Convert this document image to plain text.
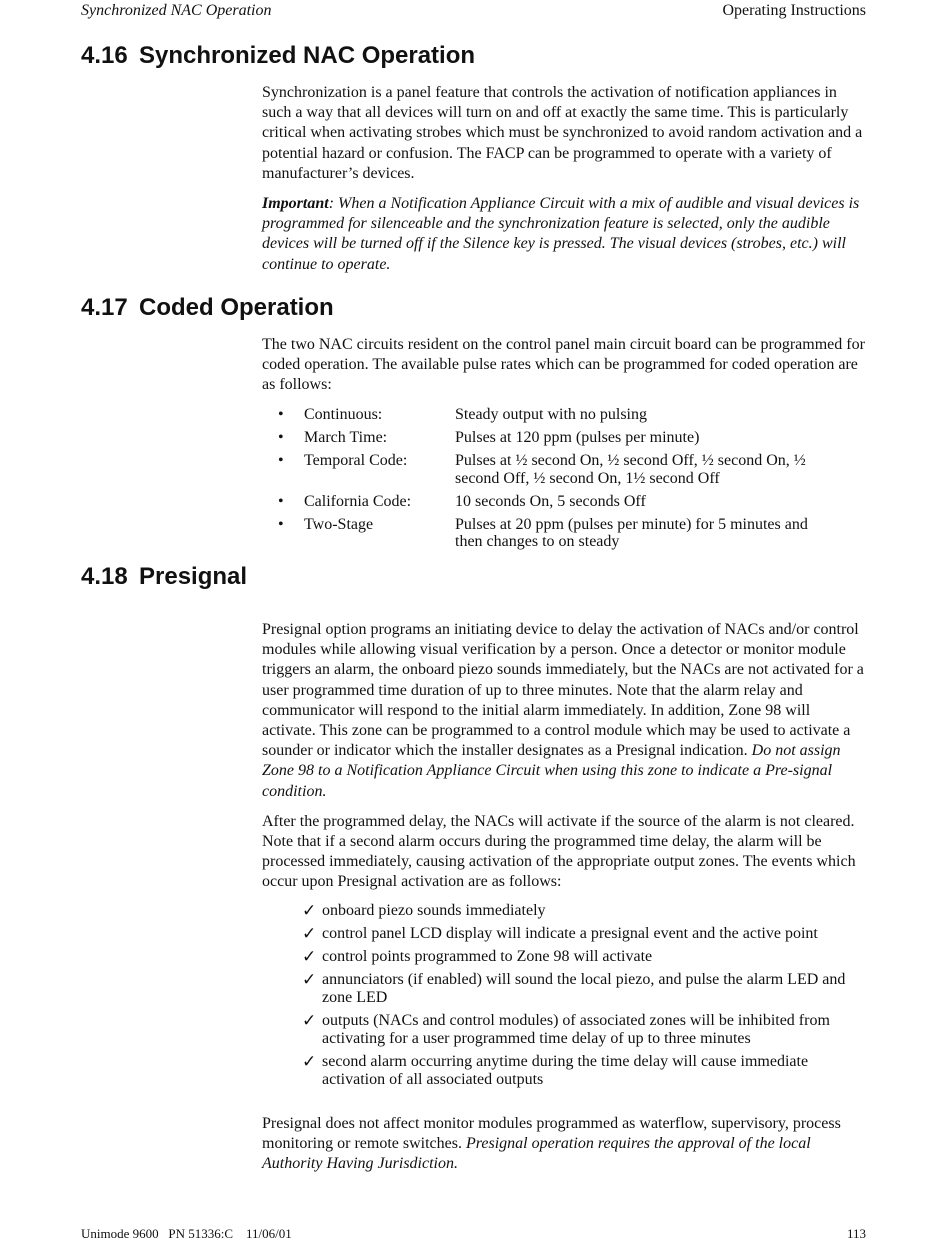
Synchronized NAC Operation	Operating Instructions
4.16 Synchronized NAC Operation

Synchronization is a panel feature that controls the activation of notification appliances in such a way that all devices will turn on and off at exactly the same time. This is particularly critical when activating strobes which must be synchronized to avoid random activation and a potential hazard or confusion. The FACP can be programmed to operate with a variety of manufacturer’s devices.

Important: When a Notification Appliance Circuit with a mix of audible and visual devices is programmed for silenceable and the synchronization feature is selected, only the audible devices will be turned off if the Silence key is pressed. The visual devices (strobes, etc.) will continue to operate.

4.17 Coded Operation

The two NAC circuits resident on the control panel main circuit board can be programmed for coded operation. The available pulse rates which can be programmed for coded operation are as follows:

•	Continuous:	Steady output with no pulsing
•	March Time:	Pulses at 120 ppm (pulses per minute)
•	Temporal Code:	Pulses at ½ second On, ½ second Off, ½ second On, ½ second Off, ½ second On, 1½ second Off
•	California Code:	10 seconds On, 5 seconds Off
•	Two-Stage	Pulses at 20 ppm (pulses per minute) for 5 minutes and then changes to on steady
4.18 Presignal

Presignal option programs an initiating device to delay the activation of NACs and/or control modules while allowing visual verification by a person. Once a detector or monitor module triggers an alarm, the onboard piezo sounds immediately, but the NACs are not activated for a user programmed time duration of up to three minutes. Note that the alarm relay and communicator will respond to the initial alarm immediately. In addition, Zone 98 will activate. This zone can be programmed to a control module which may be used to activate a sounder or indicator which the installer designates as a Presignal indication. Do not assign Zone 98 to a Notification Appliance Circuit when using this zone to indicate a Pre-signal condition.

After the programmed delay, the NACs will activate if the source of the alarm is not cleared. Note that if a second alarm occurs during the programmed time delay, the alarm will be processed immediately, causing activation of the appropriate output zones. The events which occur upon Presignal activation are as follows:

✓ onboard piezo sounds immediately
✓ control panel LCD display will indicate a presignal event and the active point
✓ control points programmed to Zone 98 will activate
✓ annunciators (if enabled) will sound the local piezo, and pulse the alarm LED and zone LED
✓ outputs (NACs and control modules) of associated zones will be inhibited from activating for a user programmed time delay of up to three minutes
✓ second alarm occurring anytime during the time delay will cause immediate activation of all associated outputs

Presignal does not affect monitor modules programmed as waterflow, supervisory, process monitoring or remote switches. Presignal operation requires the approval of the local Authority Having Jurisdiction.

Unimode 9600   PN 51336:C    11/06/01	113
